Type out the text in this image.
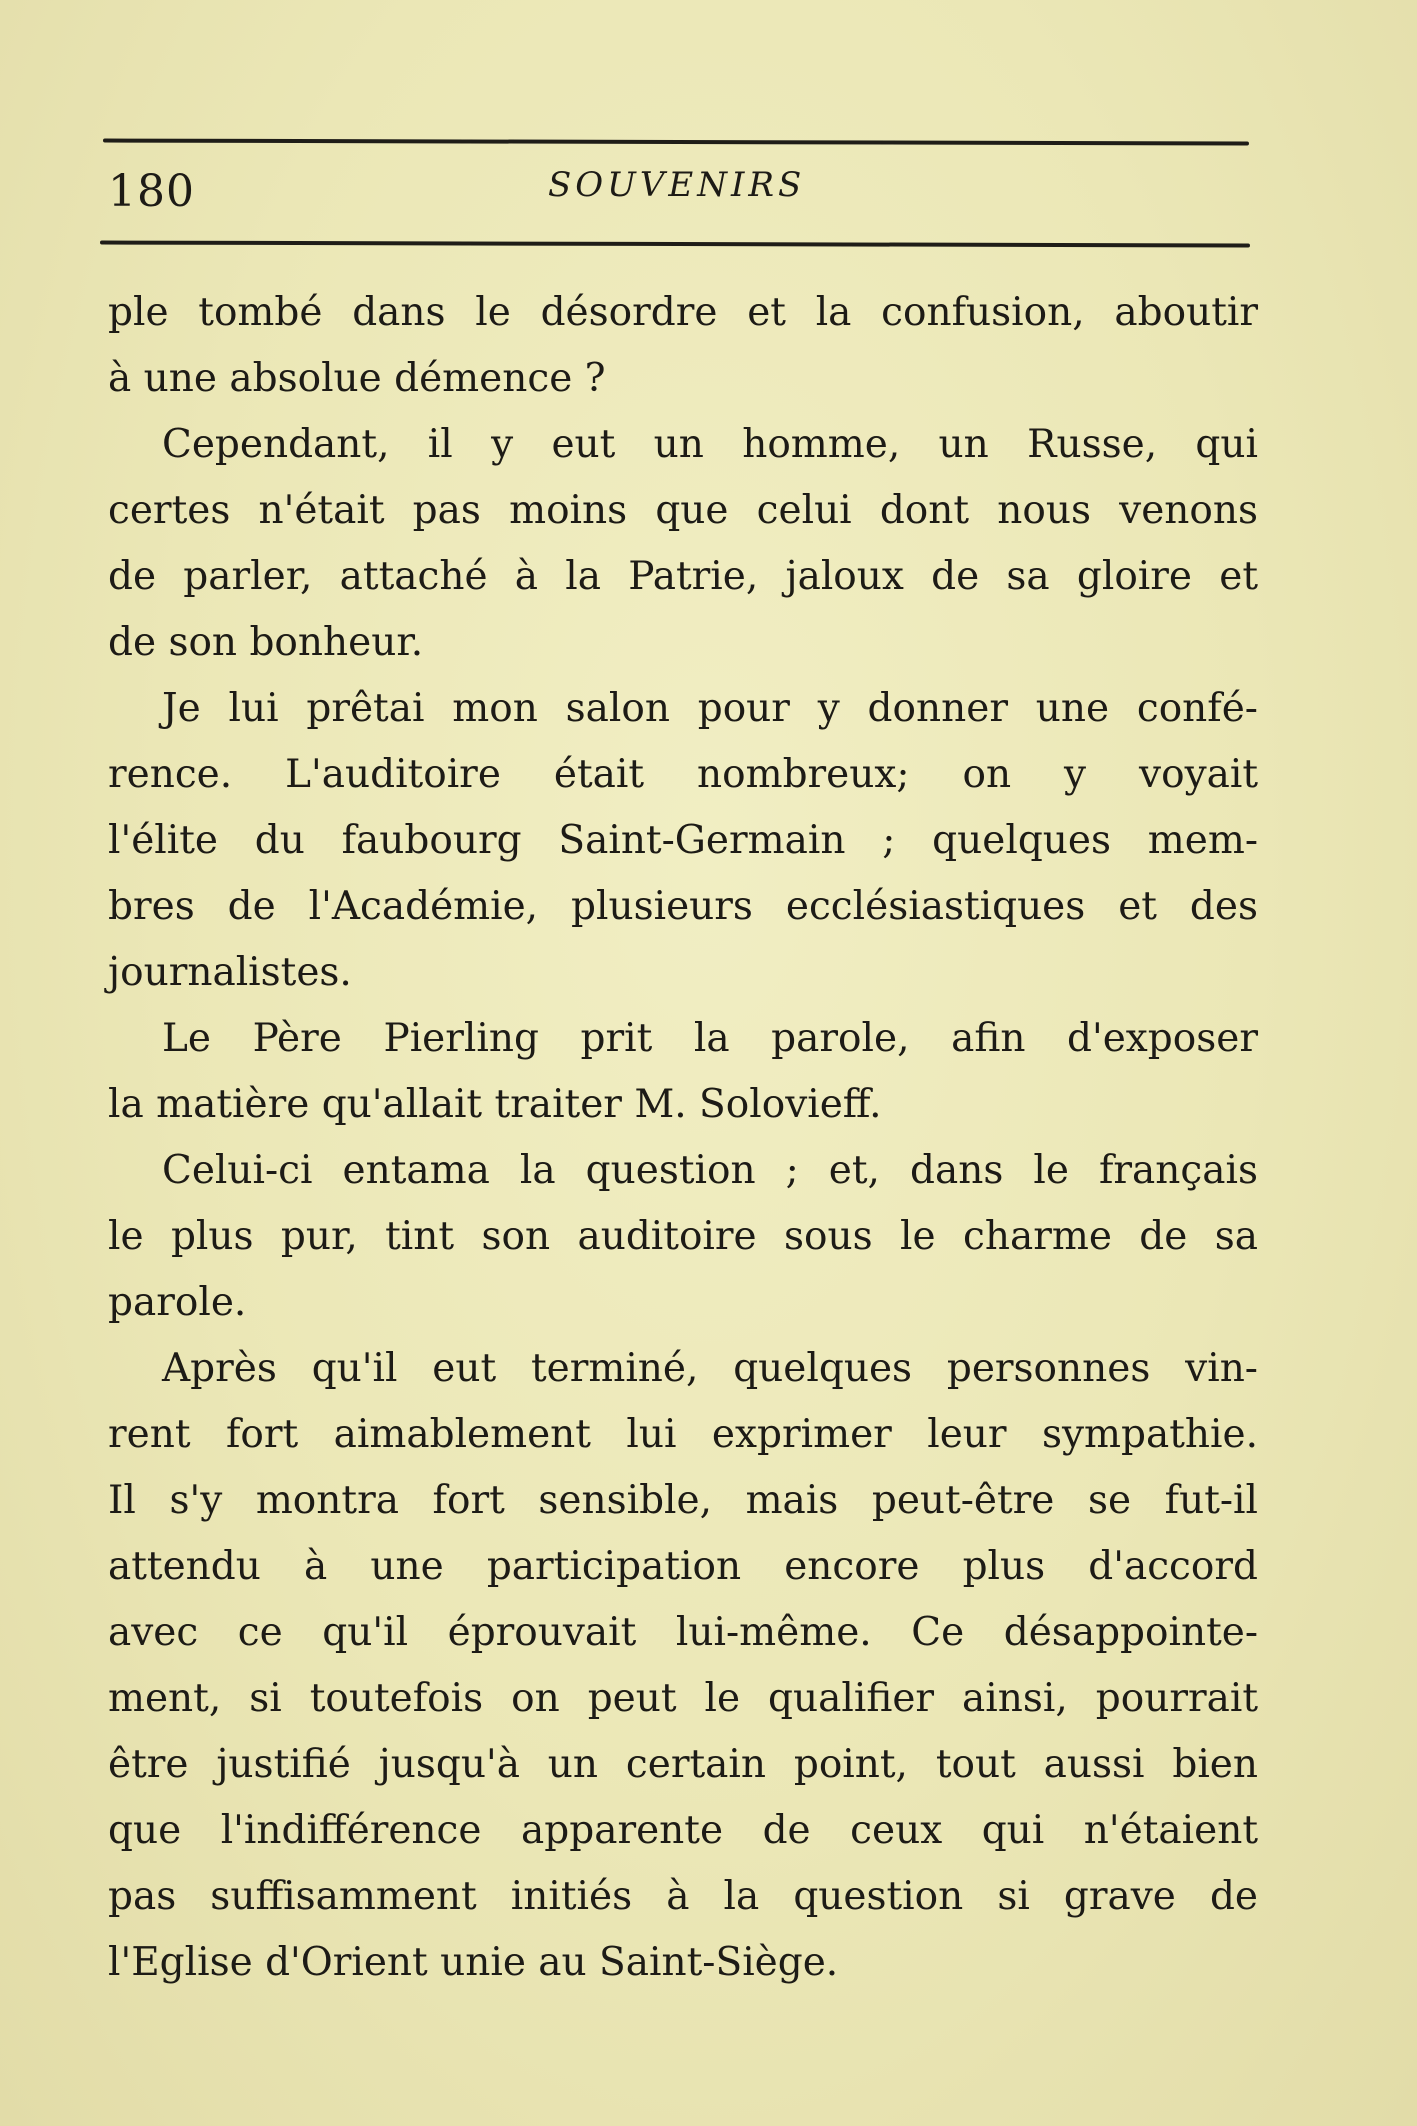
180	SOUVENIRS
ple tombé dans le désordre et la confusion, aboutir
à une absolue démence ?
Cependant, il y eut un homme, un Russe, qui
certes n'était pas moins que celui dont nous venons
de parler, attaché à la Patrie, jaloux de sa gloire et
de son bonheur.
Je lui prêtai mon salon pour y donner une confé-
rence. L'auditoire était nombreux; on y voyait
l'élite du faubourg Saint-Germain ; quelques mem-
bres de l'Académie, plusieurs ecclésiastiques et des
journalistes.
Le Père Pierling prit la parole, afin d'exposer
la matière qu'allait traiter M. Solovieff.
Celui-ci entama la question ; et, dans le français
le plus pur, tint son auditoire sous le charme de sa
parole.
Après qu'il eut terminé, quelques personnes vin-
rent fort aimablement lui exprimer leur sympathie.
Il s'y montra fort sensible, mais peut-être se fut-il
attendu à une participation encore plus d'accord
avec ce qu'il éprouvait lui-même. Ce désappointe-
ment, si toutefois on peut le qualifier ainsi, pourrait
être justifié jusqu'à un certain point, tout aussi bien
que l'indifférence apparente de ceux qui n'étaient
pas suffisamment initiés à la question si grave de
l'Eglise d'Orient unie au Saint-Siège.
